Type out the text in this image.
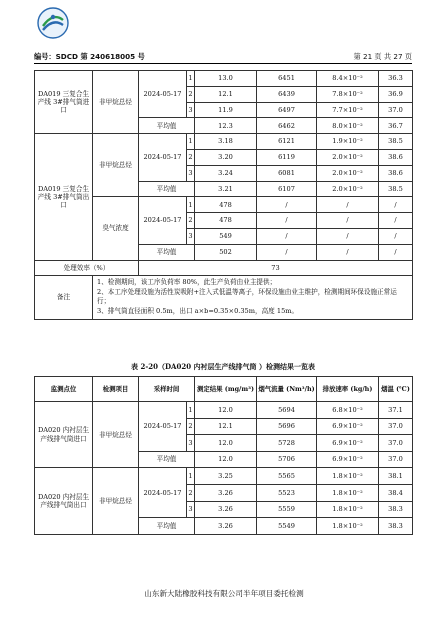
编号：SDCD 第 240618005 号	第 21 页 共 27 页
DA019 三复合生产线 3#排气筒进口	非甲烷总烃	2024-05-17	1	13.0	6451	8.4×10⁻²	36.3
			2	12.1	6439	7.8×10⁻²	36.9
			3	11.9	6497	7.7×10⁻²	37.0
		平均值		12.3	6462	8.0×10⁻²	36.7
DA019 三复合生产线 3#排气筒出口	非甲烷总烃	2024-05-17	1	3.18	6121	1.9×10⁻²	38.5
			2	3.20	6119	2.0×10⁻²	38.6
			3	3.24	6081	2.0×10⁻²	38.6
		平均值		3.21	6107	2.0×10⁻²	38.5
	臭气浓度	2024-05-17	1	478	/	/	/
			2	478	/	/	/
			3	549	/	/	/
		平均值		502	/	/	/
处理效率（%）		73					
备注	1、检测期间，该工序负荷率 80%，此生产负荷由业主提供；
2、本工序处理设施为活性炭吸附+注入式低温等离子，环保设施由业主维护，检测期间环保设施正常运行；
3、排气筒直径面积 0.5m，出口 a×b=0.35×0.35m，高度 15m。						
表 2-20（DA020 内衬层生产线排气筒 ）检测结果一览表
监测点位	检测项目	采样时间		测定结果 (mg/m³)	烟气流量 (Nm³/h)	排放速率 (kg/h)	烟温 (℃)
DA020 内衬层生产线排气筒进口	非甲烷总烃	2024-05-17	1	12.0	5694	6.8×10⁻²	37.1
			2	12.1	5696	6.9×10⁻²	37.0
			3	12.0	5728	6.9×10⁻²	37.0
		平均值		12.0	5706	6.9×10⁻²	37.0
DA020 内衬层生产线排气筒出口	非甲烷总烃	2024-05-17	1	3.25	5565	1.8×10⁻²	38.1
			2	3.26	5523	1.8×10⁻²	38.4
			3	3.26	5559	1.8×10⁻²	38.3
		平均值		3.26	5549	1.8×10⁻²	38.3
山东新大陆橡胶科技有限公司半年项目委托检测
